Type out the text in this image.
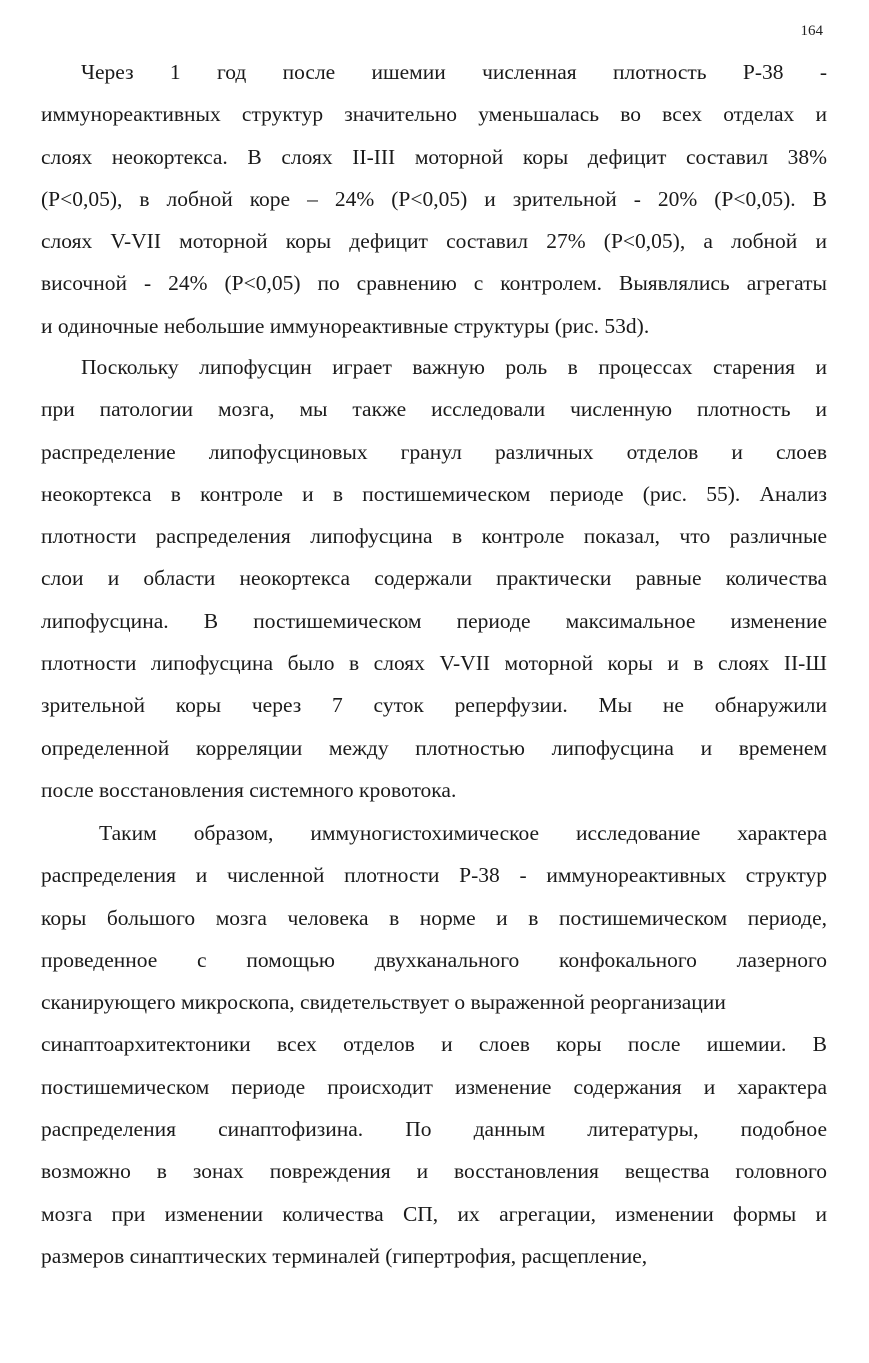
164
Через 1 год после ишемии численная плотность Р-38 -
иммунореактивных структур значительно уменьшалась во всех отделах и
слоях неокортекса. В слоях II-III моторной коры дефицит составил 38%
(P<0,05), в лобной коре – 24% (P<0,05) и зрительной - 20% (P<0,05). В
слоях V-VII моторной коры дефицит составил 27% (P<0,05), а лобной и
височной - 24% (P<0,05) по сравнению с контролем. Выявлялись агрегаты
и одиночные небольшие иммунореактивные структуры (рис. 53d).
Поскольку липофусцин играет важную роль в процессах старения и
при патологии мозга, мы также исследовали численную плотность и
распределение липофусциновых гранул различных отделов и слоев
неокортекса в контроле и в постишемическом периоде (рис. 55). Анализ
плотности распределения липофусцина в контроле показал, что различные
слои и области неокортекса содержали практически равные количества
липофусцина. В постишемическом периоде максимальное изменение
плотности липофусцина было в слоях V-VII моторной коры и в слоях II-Ш
зрительной коры через 7 суток реперфузии. Мы не обнаружили
определенной корреляции между плотностью липофусцина и временем
после восстановления системного кровотока.
Таким образом, иммуногистохимическое исследование характера
распределения и численной плотности Р-38 - иммунореактивных структур
коры большого мозга человека в норме и в постишемическом периоде,
проведенное с помощью двухканального конфокального лазерного
сканирующего микроскопа, свидетельствует о выраженной реорганизации
синаптоархитектоники всех отделов и слоев коры после ишемии. В
постишемическом периоде происходит изменение содержания и характера
распределения синаптофизина. По данным литературы, подобное
возможно в зонах повреждения и восстановления вещества головного
мозга при изменении количества СП, их агрегации, изменении формы и
размеров синаптических терминалей (гипертрофия, расщепление,
